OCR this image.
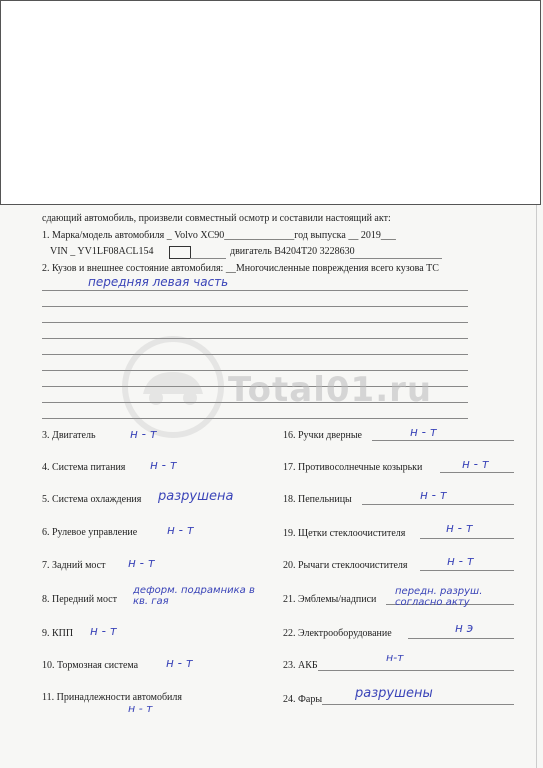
сдающий автомобиль, произвели совместный осмотр и составили настоящий акт:
1. Марка/модель автомобиля _ Volvo XC90______________год выпуска __ 2019___
VIN _ YV1LF08ACL154	двигатель B4204T20 3228630
2. Кузов и внешнее состояние автомобиля: __Многочисленные повреждения всего кузова ТС
передняя левая часть
Total01.ru
3. Двигатель	н - т
4. Система питания н - т
5. Система охлаждения разрушена
6. Рулевое управление н - т
7. Задний мост н - т
8. Передний мост
деформ. подрамника в кв. гая
9. КПП н - т
10. Тормозная система н - т
11. Принадлежности автомобиля
н - т
16. Ручки дверные	н - т
17. Противосолнечные козырьки	н - т
18. Пепельницы	н - т
19. Щетки стеклоочистителя	н - т
20. Рычаги стеклоочистителя	н - т
21. Эмблемы/надписи
передн. разруш. согласно акту
22. Электрооборудование	н э
23. АКБ
н-т
24. Фары	разрушены
